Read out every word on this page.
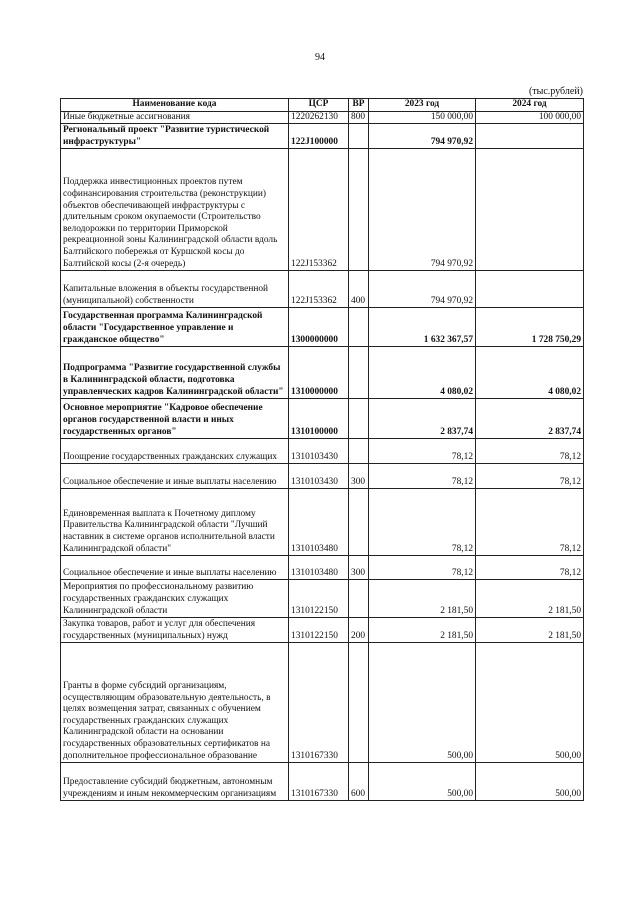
94
(тыс.рублей)
Наименование кода	ЦСР	ВР	2023 год	2024 год
Иные бюджетные ассигнования	1220262130	800	150 000,00	100 000,00
Региональный проект "Развитие туристической инфраструктуры"	122J100000		794 970,92	
Поддержка инвестиционных проектов путем софинансирования строительства (реконструкции) объектов обеспечивающей инфраструктуры с длительным сроком окупаемости (Строительство велодорожки по территории Приморской рекреационной зоны Калининградской области вдоль Балтийского побережья от Куршской косы до Балтийской косы (2-я очередь)	122J153362		794 970,92	
Капитальные вложения в объекты государственной (муниципальной) собственности	122J153362	400	794 970,92	
Государственная программа Калининградской области "Государственное управление и гражданское общество"	1300000000		1 632 367,57	1 728 750,29
Подпрограмма "Развитие государственной службы в Калининградской области, подготовка управленческих кадров Калининградской области"	1310000000		4 080,02	4 080,02
Основное мероприятие "Кадровое обеспечение органов государственной власти и иных государственных органов"	1310100000		2 837,74	2 837,74
Поощрение государственных гражданских служащих	1310103430		78,12	78,12
Социальное обеспечение и иные выплаты населению	1310103430	300	78,12	78,12
Единовременная выплата к Почетному диплому Правительства Калининградской области "Лучший наставник в системе органов исполнительной власти Калининградской области"	1310103480		78,12	78,12
Социальное обеспечение и иные выплаты населению	1310103480	300	78,12	78,12
Мероприятия по профессиональному развитию государственных гражданских служащих Калининградской области	1310122150		2 181,50	2 181,50
Закупка товаров, работ и услуг для обеспечения государственных (муниципальных) нужд	1310122150	200	2 181,50	2 181,50
Гранты в форме субсидий организациям, осуществляющим образовательную деятельность, в целях возмещения затрат, связанных с обучением государственных гражданских служащих Калининградской области на основании государственных образовательных сертификатов на дополнительное профессиональное образование	1310167330		500,00	500,00
Предоставление субсидий бюджетным, автономным учреждениям и иным некоммерческим организациям	1310167330	600	500,00	500,00
